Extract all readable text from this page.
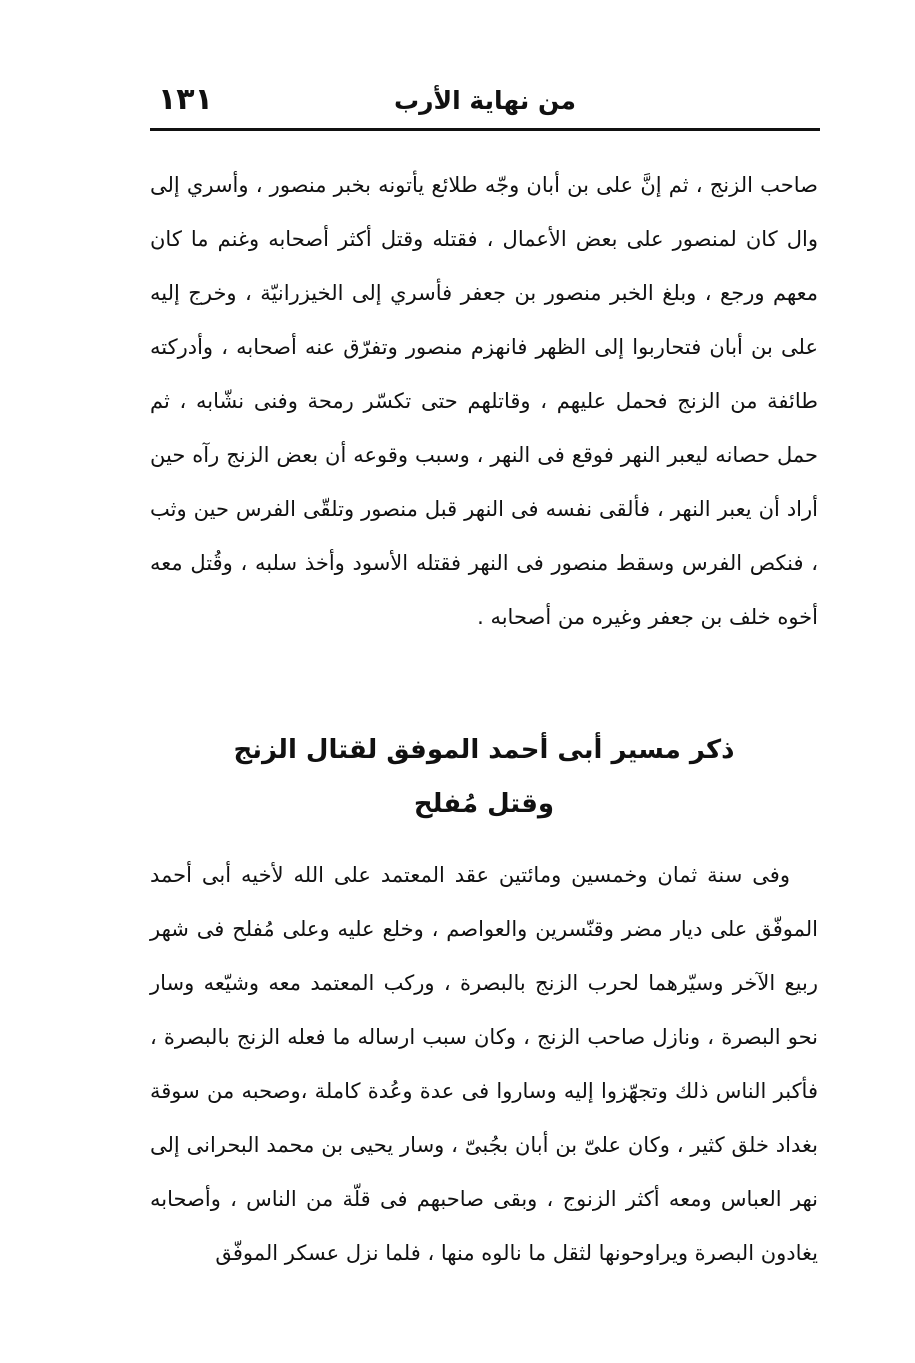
١٣١	من نهاية الأرب

صاحب الزنج ، ثم إنَّ على بن أبان وجّه طلائع يأتونه بخبر منصور ، وأسري إلى وال كان لمنصور على بعض الأعمال ، فقتله وقتل أكثر أصحابه وغنم ما كان معهم ورجع ، وبلغ الخبر منصور بن جعفر فأسري إلى الخيزرانيّة ، وخرج إليه على بن أبان فتحاربوا إلى الظهر فانهزم منصور وتفرّق عنه أصحابه ، وأدركته طائفة من الزنج فحمل عليهم ، وقاتلهم حتى تكسّر رمحة وفنى نشّابه ، ثم حمل حصانه ليعبر النهر فوقع فى النهر ، وسبب وقوعه أن بعض الزنج رآه حين أراد أن يعبر النهر ، فألقى نفسه فى النهر قبل منصور وتلقّى الفرس حين وثب ، فنكص الفرس وسقط منصور فى النهر فقتله الأسود وأخذ سلبه ، وقُتل معه أخوه خلف بن جعفر وغيره من أصحابه .

ذكر مسير أبى أحمد الموفق لقتال الزنج
وقتل مُفلح

وفى سنة ثمان وخمسين ومائتين عقد المعتمد على الله لأخيه أبى أحمد الموفّق على ديار مضر وقنّسرين والعواصم ، وخلع عليه وعلى مُفلح فى شهر ربيع الآخر وسيّرهما لحرب الزنج بالبصرة ، وركب المعتمد معه وشيّعه وسار نحو البصرة ، ونازل صاحب الزنج ، وكان سبب ارساله ما فعله الزنج بالبصرة ، فأكبر الناس ذلك وتجهّزوا إليه وساروا فى عدة وعُدة كاملة ،وصحبه من سوقة بغداد خلق كثير ، وكان علىّ بن أبان بجُبىّ ، وسار يحيى بن محمد البحرانى إلى نهر العباس ومعه أكثر الزنوج ، وبقى صاحبهم فى قلّة من الناس ، وأصحابه يغادون البصرة ويراوحونها لثقل ما نالوه منها ، فلما نزل عسكر الموفّق
